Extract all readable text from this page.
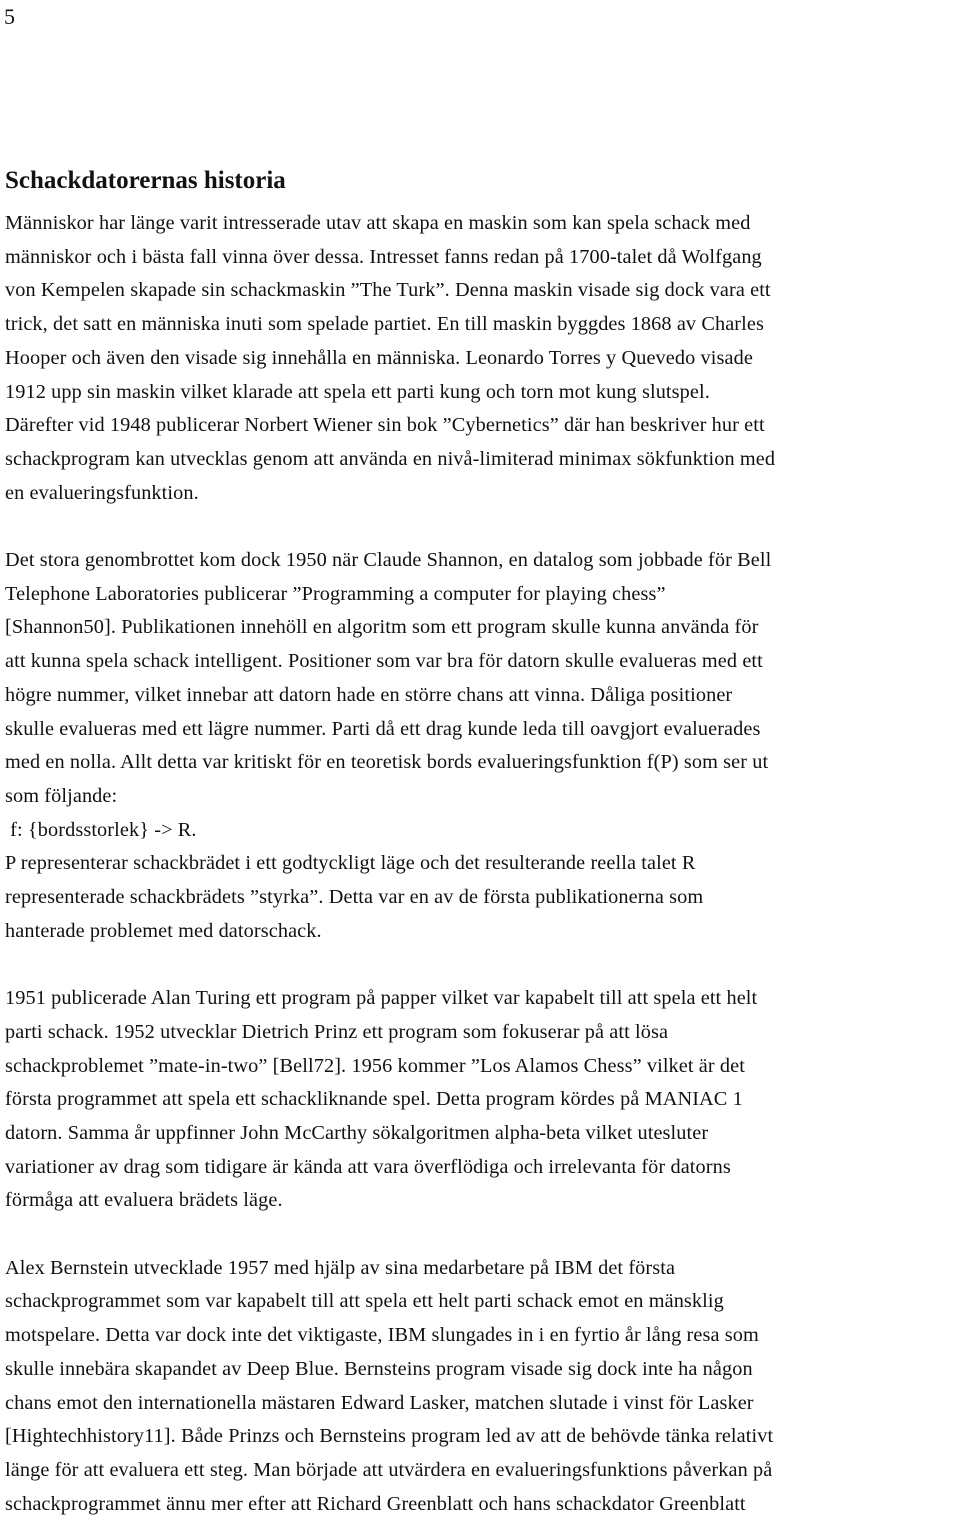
5
Schackdatorernas historia

Människor har länge varit intresserade utav att skapa en maskin som kan spela schack med
människor och i bästa fall vinna över dessa. Intresset fanns redan på 1700-talet då Wolfgang
von Kempelen skapade sin schackmaskin ”The Turk”. Denna maskin visade sig dock vara ett
trick, det satt en människa inuti som spelade partiet. En till maskin byggdes 1868 av Charles
Hooper och även den visade sig innehålla en människa. Leonardo Torres y Quevedo visade
1912 upp sin maskin vilket klarade att spela ett parti kung och torn mot kung slutspel.
Därefter vid 1948 publicerar Norbert Wiener sin bok ”Cybernetics” där han beskriver hur ett
schackprogram kan utvecklas genom att använda en nivå-limiterad minimax sökfunktion med
en evalueringsfunktion.

Det stora genombrottet kom dock 1950 när Claude Shannon, en datalog som jobbade för Bell
Telephone Laboratories publicerar ”Programming a computer for playing chess”
[Shannon50]. Publikationen innehöll en algoritm som ett program skulle kunna använda för
att kunna spela schack intelligent. Positioner som var bra för datorn skulle evalueras med ett
högre nummer, vilket innebar att datorn hade en större chans att vinna. Dåliga positioner
skulle evalueras med ett lägre nummer. Parti då ett drag kunde leda till oavgjort evaluerades
med en nolla. Allt detta var kritiskt för en teoretisk bords evalueringsfunktion f(P) som ser ut
som följande:
f: {bordsstorlek} -> R.
P representerar schackbrädet i ett godtyckligt läge och det resulterande reella talet R
representerade schackbrädets ”styrka”. Detta var en av de första publikationerna som
hanterade problemet med datorschack.

1951 publicerade Alan Turing ett program på papper vilket var kapabelt till att spela ett helt
parti schack. 1952 utvecklar Dietrich Prinz ett program som fokuserar på att lösa
schackproblemet ”mate-in-two” [Bell72]. 1956 kommer ”Los Alamos Chess” vilket är det
första programmet att spela ett schackliknande spel. Detta program kördes på MANIAC 1
datorn. Samma år uppfinner John McCarthy sökalgoritmen alpha-beta vilket utesluter
variationer av drag som tidigare är kända att vara överflödiga och irrelevanta för datorns
förmåga att evaluera brädets läge.

Alex Bernstein utvecklade 1957 med hjälp av sina medarbetare på IBM det första
schackprogrammet som var kapabelt till att spela ett helt parti schack emot en mänsklig
motspelare. Detta var dock inte det viktigaste, IBM slungades in i en fyrtio år lång resa som
skulle innebära skapandet av Deep Blue. Bernsteins program visade sig dock inte ha någon
chans emot den internationella mästaren Edward Lasker, matchen slutade i vinst för Lasker
[Hightechhistory11]. Både Prinzs och Bernsteins program led av att de behövde tänka relativt
länge för att evaluera ett steg. Man började att utvärdera en evalueringsfunktions påverkan på
schackprogrammet ännu mer efter att Richard Greenblatt och hans schackdator Greenblatt
